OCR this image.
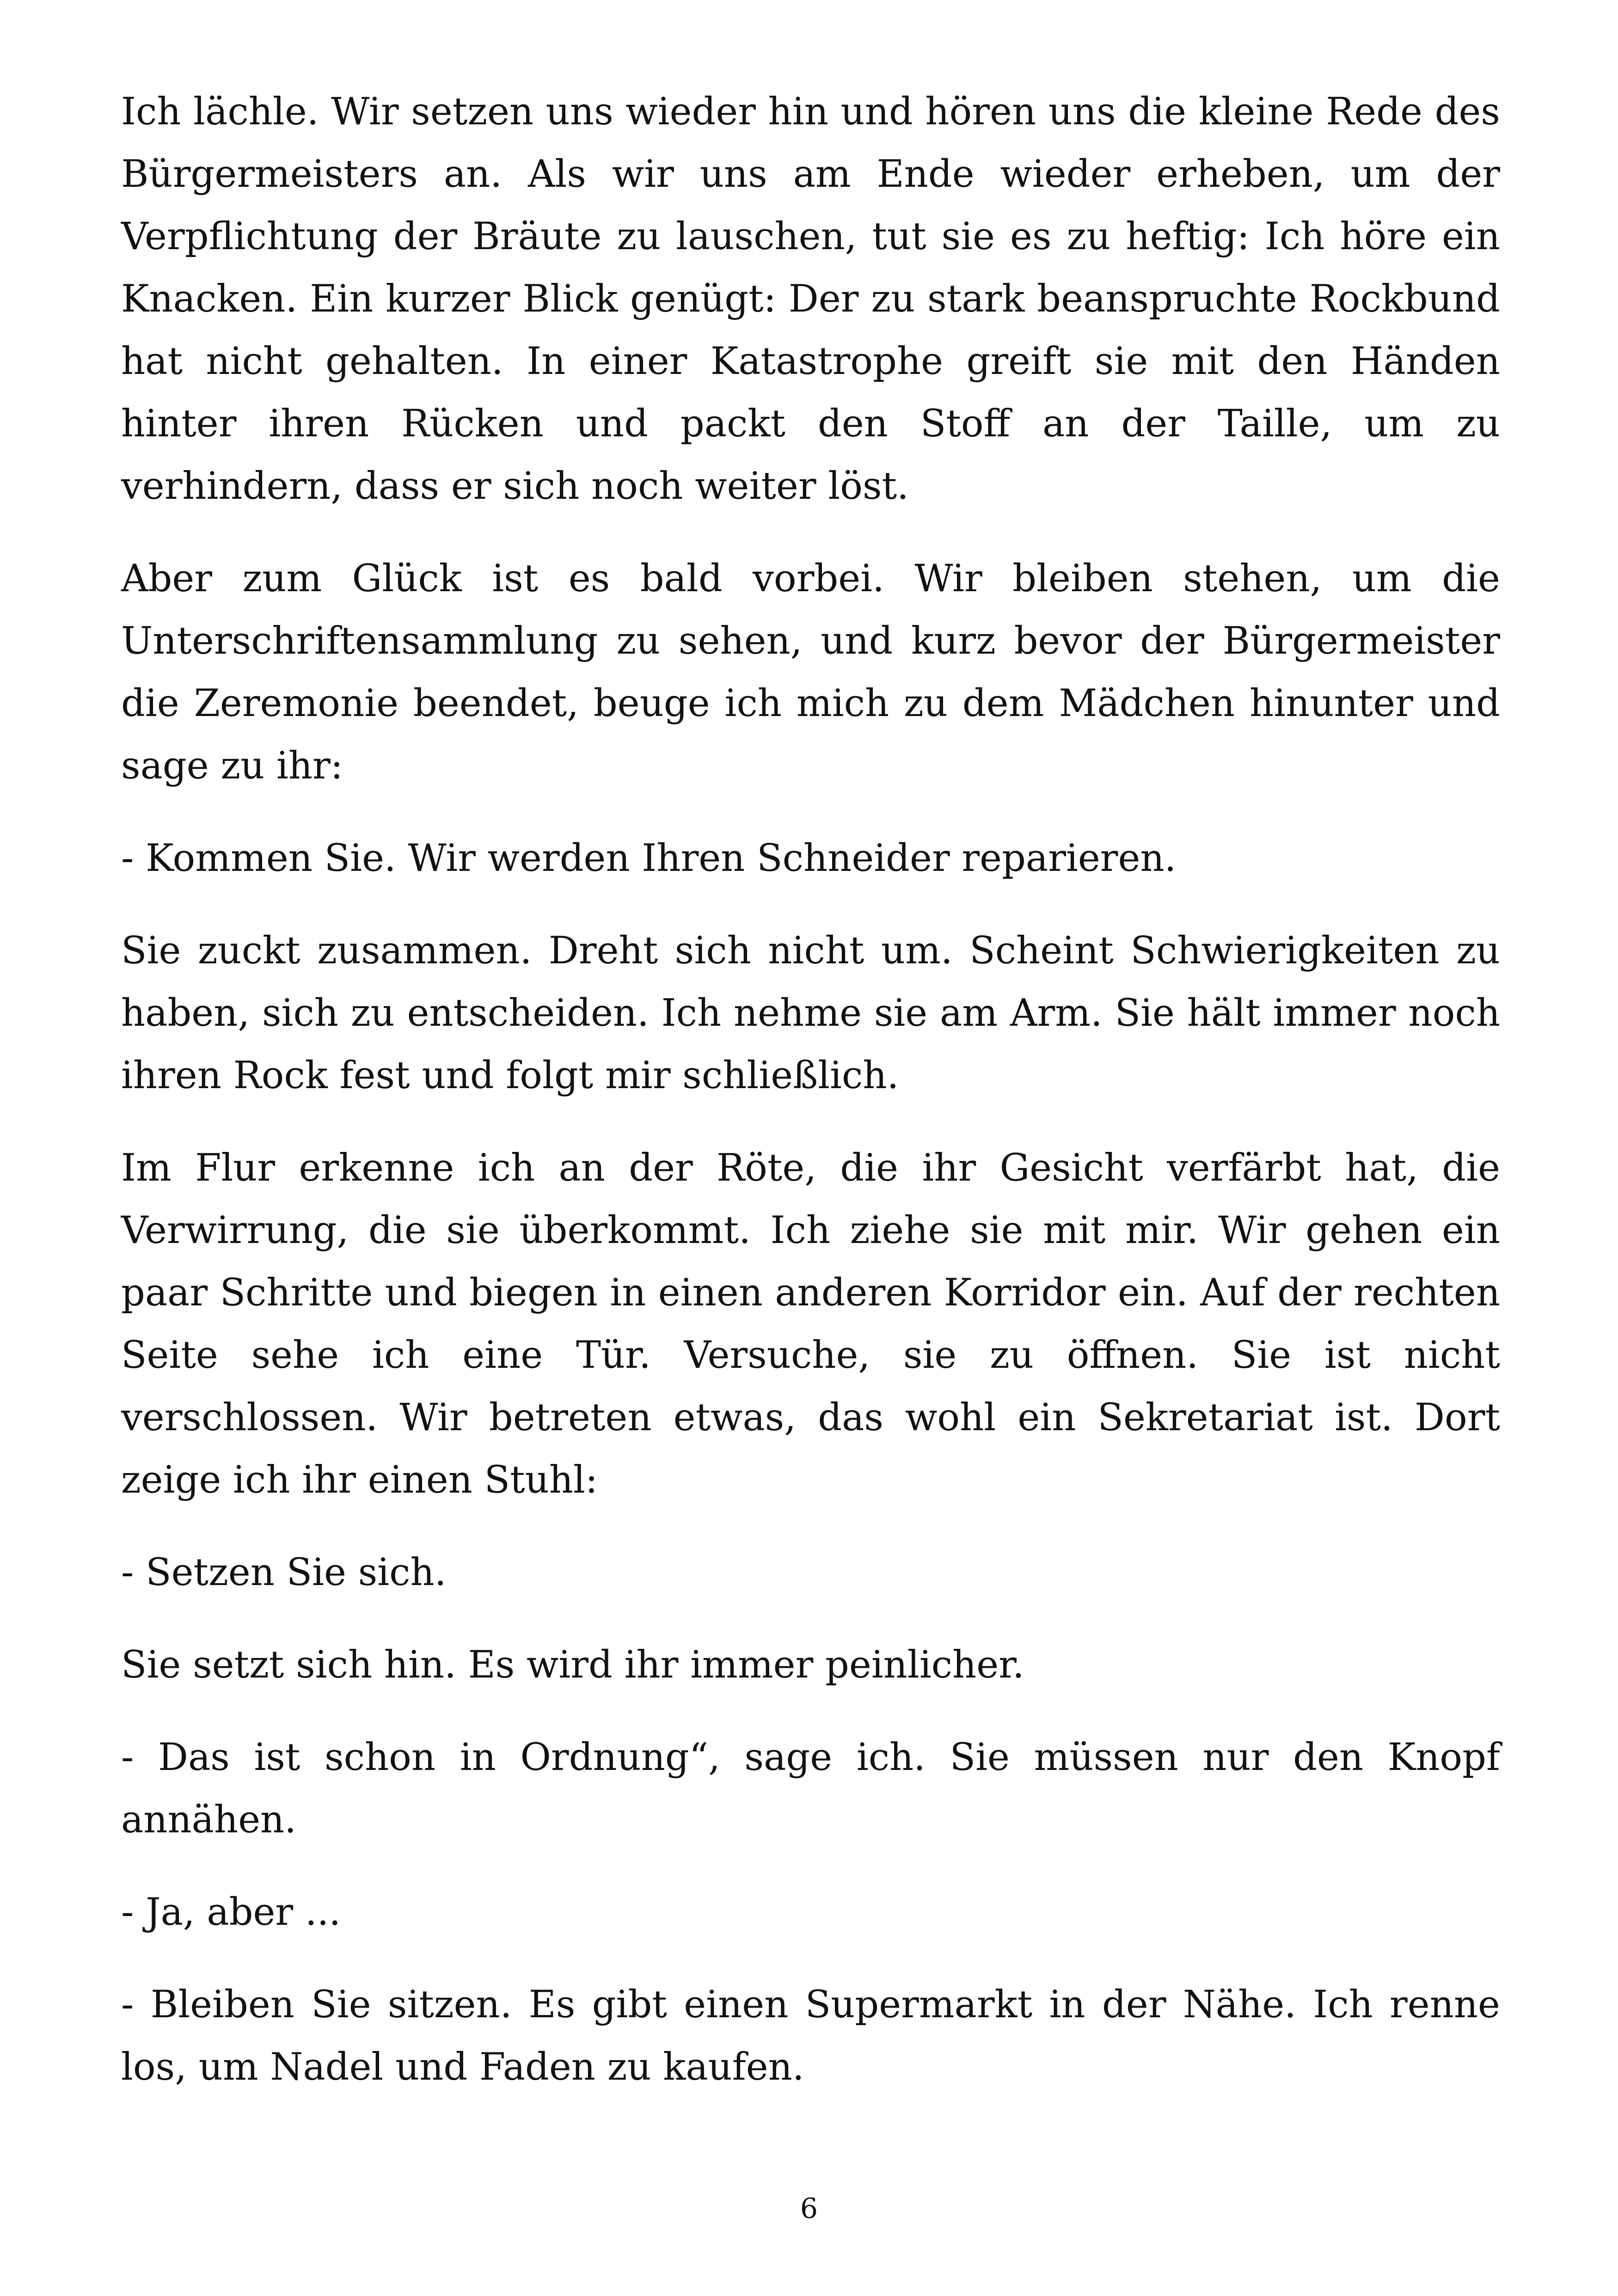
Ich lächle. Wir setzen uns wieder hin und hören uns die kleine Rede des Bürgermeisters an. Als wir uns am Ende wieder erheben, um der Verpflichtung der Bräute zu lauschen, tut sie es zu heftig: Ich höre ein Knacken. Ein kurzer Blick genügt: Der zu stark beanspruchte Rockbund hat nicht gehalten. In einer Katastrophe greift sie mit den Händen hinter ihren Rücken und packt den Stoff an der Taille, um zu verhindern, dass er sich noch weiter löst.

Aber zum Glück ist es bald vorbei. Wir bleiben stehen, um die Unterschriftensammlung zu sehen, und kurz bevor der Bürgermeister die Zeremonie beendet, beuge ich mich zu dem Mädchen hinunter und sage zu ihr:

- Kommen Sie. Wir werden Ihren Schneider reparieren.

Sie zuckt zusammen. Dreht sich nicht um. Scheint Schwierigkeiten zu haben, sich zu entscheiden. Ich nehme sie am Arm. Sie hält immer noch ihren Rock fest und folgt mir schließlich.

Im Flur erkenne ich an der Röte, die ihr Gesicht verfärbt hat, die Verwirrung, die sie überkommt. Ich ziehe sie mit mir. Wir gehen ein paar Schritte und biegen in einen anderen Korridor ein. Auf der rechten Seite sehe ich eine Tür. Versuche, sie zu öffnen. Sie ist nicht verschlossen. Wir betreten etwas, das wohl ein Sekretariat ist. Dort zeige ich ihr einen Stuhl:

- Setzen Sie sich.

Sie setzt sich hin. Es wird ihr immer peinlicher.

- Das ist schon in Ordnung“, sage ich. Sie müssen nur den Knopf annähen.

- Ja, aber ...

- Bleiben Sie sitzen. Es gibt einen Supermarkt in der Nähe. Ich renne los, um Nadel und Faden zu kaufen.

6
